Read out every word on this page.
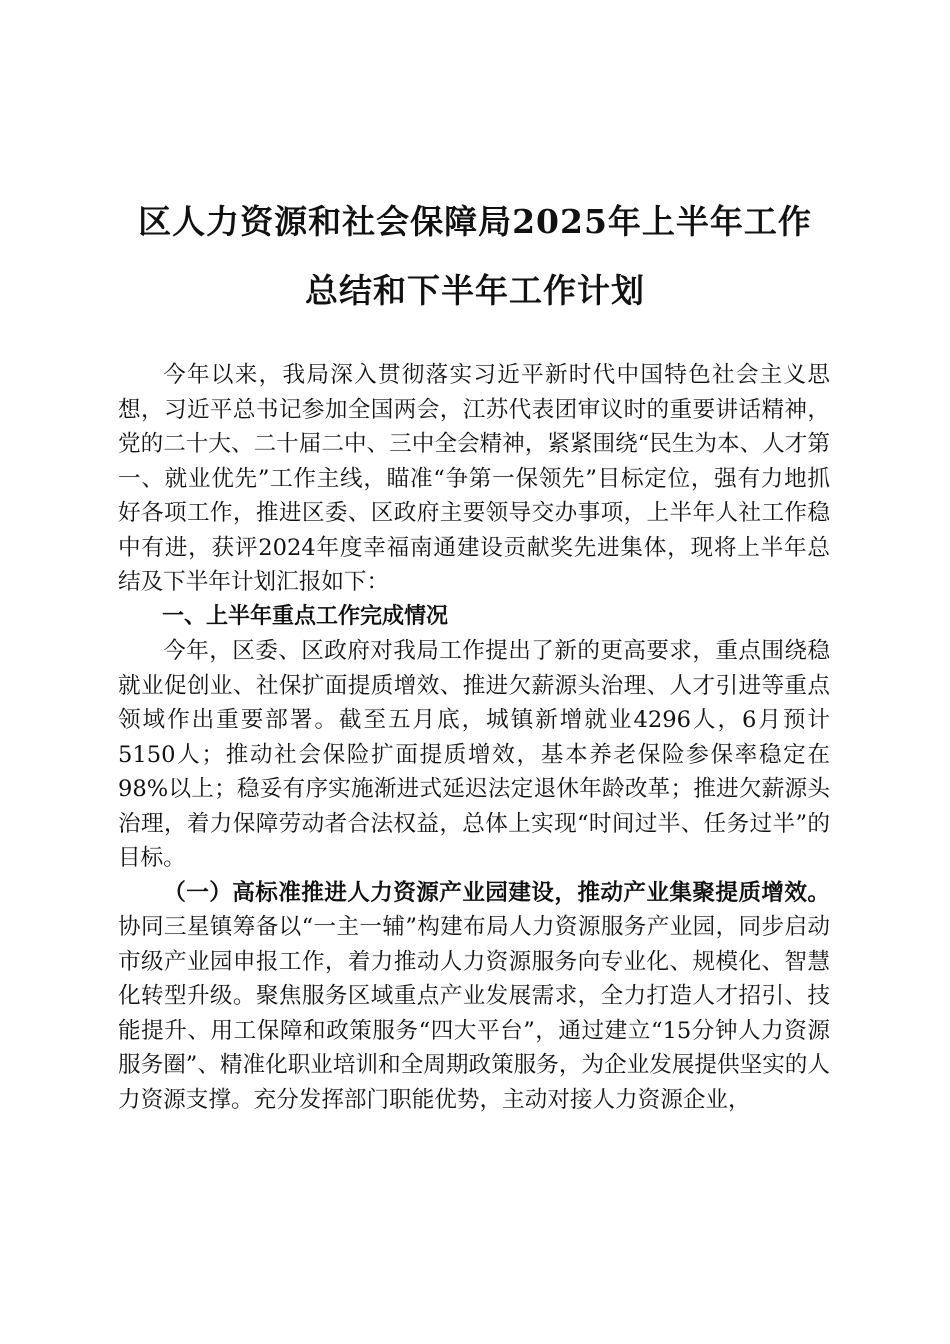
区人力资源和社会保障局2025年上半年工作
总结和下半年工作计划

今年以来，我局深入贯彻落实习近平新时代中国特色社会主义思想，习近平总书记参加全国两会，江苏代表团审议时的重要讲话精神，党的二十大、二十届二中、三中全会精神，紧紧围绕“民生为本、人才第一、就业优先”工作主线，瞄准“争第一保领先”目标定位，强有力地抓好各项工作，推进区委、区政府主要领导交办事项，上半年人社工作稳中有进，获评2024年度幸福南通建设贡献奖先进集体，现将上半年总结及下半年计划汇报如下：

一、上半年重点工作完成情况

今年，区委、区政府对我局工作提出了新的更高要求，重点围绕稳就业促创业、社保扩面提质增效、推进欠薪源头治理、人才引进等重点领域作出重要部署。截至五月底，城镇新增就业4296人，6月预计5150人；推动社会保险扩面提质增效，基本养老保险参保率稳定在98%以上；稳妥有序实施渐进式延迟法定退休年龄改革；推进欠薪源头治理，着力保障劳动者合法权益，总体上实现“时间过半、任务过半”的目标。

（一）高标准推进人力资源产业园建设，推动产业集聚提质增效。协同三星镇筹备以“一主一辅”构建布局人力资源服务产业园，同步启动市级产业园申报工作，着力推动人力资源服务向专业化、规模化、智慧化转型升级。聚焦服务区域重点产业发展需求，全力打造人才招引、技能提升、用工保障和政策服务“四大平台”，通过建立“15分钟人力资源服务圈”、精准化职业培训和全周期政策服务，为企业发展提供坚实的人力资源支撑。充分发挥部门职能优势，主动对接人力资源企业，
